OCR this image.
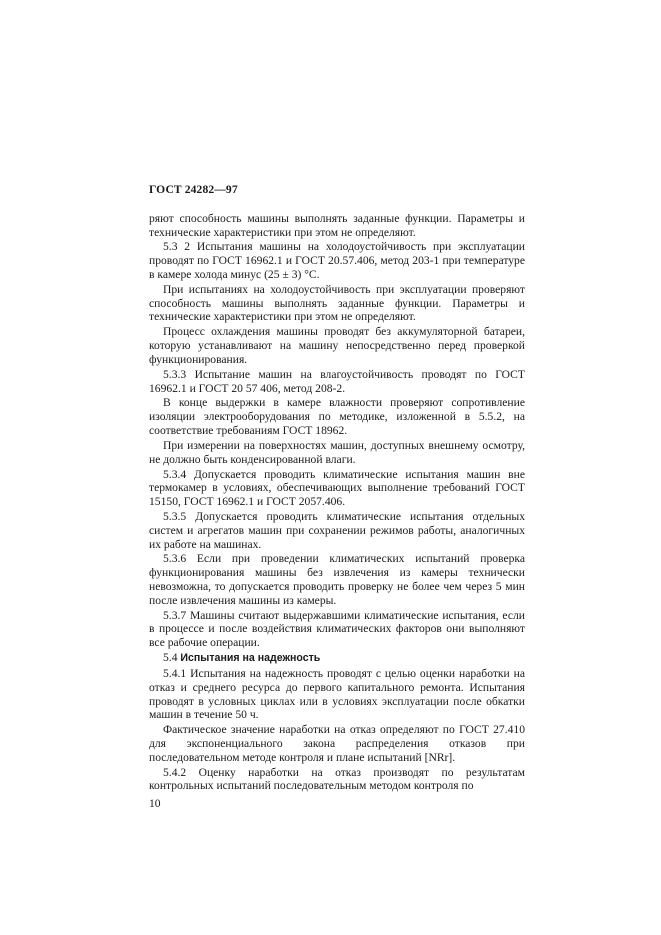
ГОСТ 24282—97

ряют способность машины выполнять заданные функции. Параметры и технические характеристики при этом не определяют.

5.3 2 Испытания машины на холодоустойчивость при эксплуатации проводят по ГОСТ 16962.1 и ГОСТ 20.57.406, метод 203-1 при температуре в камере холода минус (25 ± 3) °С.

При испытаниях на холодоустойчивость при эксплуатации проверяют способность машины выполнять заданные функции. Параметры и технические характеристики при этом не определяют.

Процесс охлаждения машины проводят без аккумуляторной батареи, которую устанавливают на машину непосредственно перед проверкой функционирования.

5.3.3 Испытание машин на влагоустойчивость проводят по ГОСТ 16962.1 и ГОСТ 20 57 406, метод 208-2.

В конце выдержки в камере влажности проверяют сопротивление изоляции электрооборудования по методике, изложенной в 5.5.2, на соответствие требованиям ГОСТ 18962.

При измерении на поверхностях машин, доступных внешнему осмотру, не должно быть конденсированной влаги.

5.3.4 Допускается проводить климатические испытания машин вне термокамер в условиях, обеспечивающих выполнение требований ГОСТ 15150, ГОСТ 16962.1 и ГОСТ 2057.406.

5.3.5 Допускается проводить климатические испытания отдельных систем и агрегатов машин при сохранении режимов работы, аналогичных их работе на машинах.

5.3.6 Если при проведении климатических испытаний проверка функционирования машины без извлечения из камеры технически невозможна, то допускается проводить проверку не более чем через 5 мин после извлечения машины из камеры.

5.3.7 Машины считают выдержавшими климатические испытания, если в процессе и после воздействия климатических факторов они выполняют все рабочие операции.

5.4 Испытания на надежность

5.4.1 Испытания на надежность проводят с целью оценки наработки на отказ и среднего ресурса до первого капитального ремонта. Испытания проводят в условных циклах или в условиях эксплуатации после обкатки машин в течение 50 ч.

Фактическое значение наработки на отказ определяют по ГОСТ 27.410 для экспоненциального закона распределения отказов при последовательном методе контроля и плане испытаний [NRr].

5.4.2 Оценку наработки на отказ производят по результатам контрольных испытаний последовательным методом контроля по

10
